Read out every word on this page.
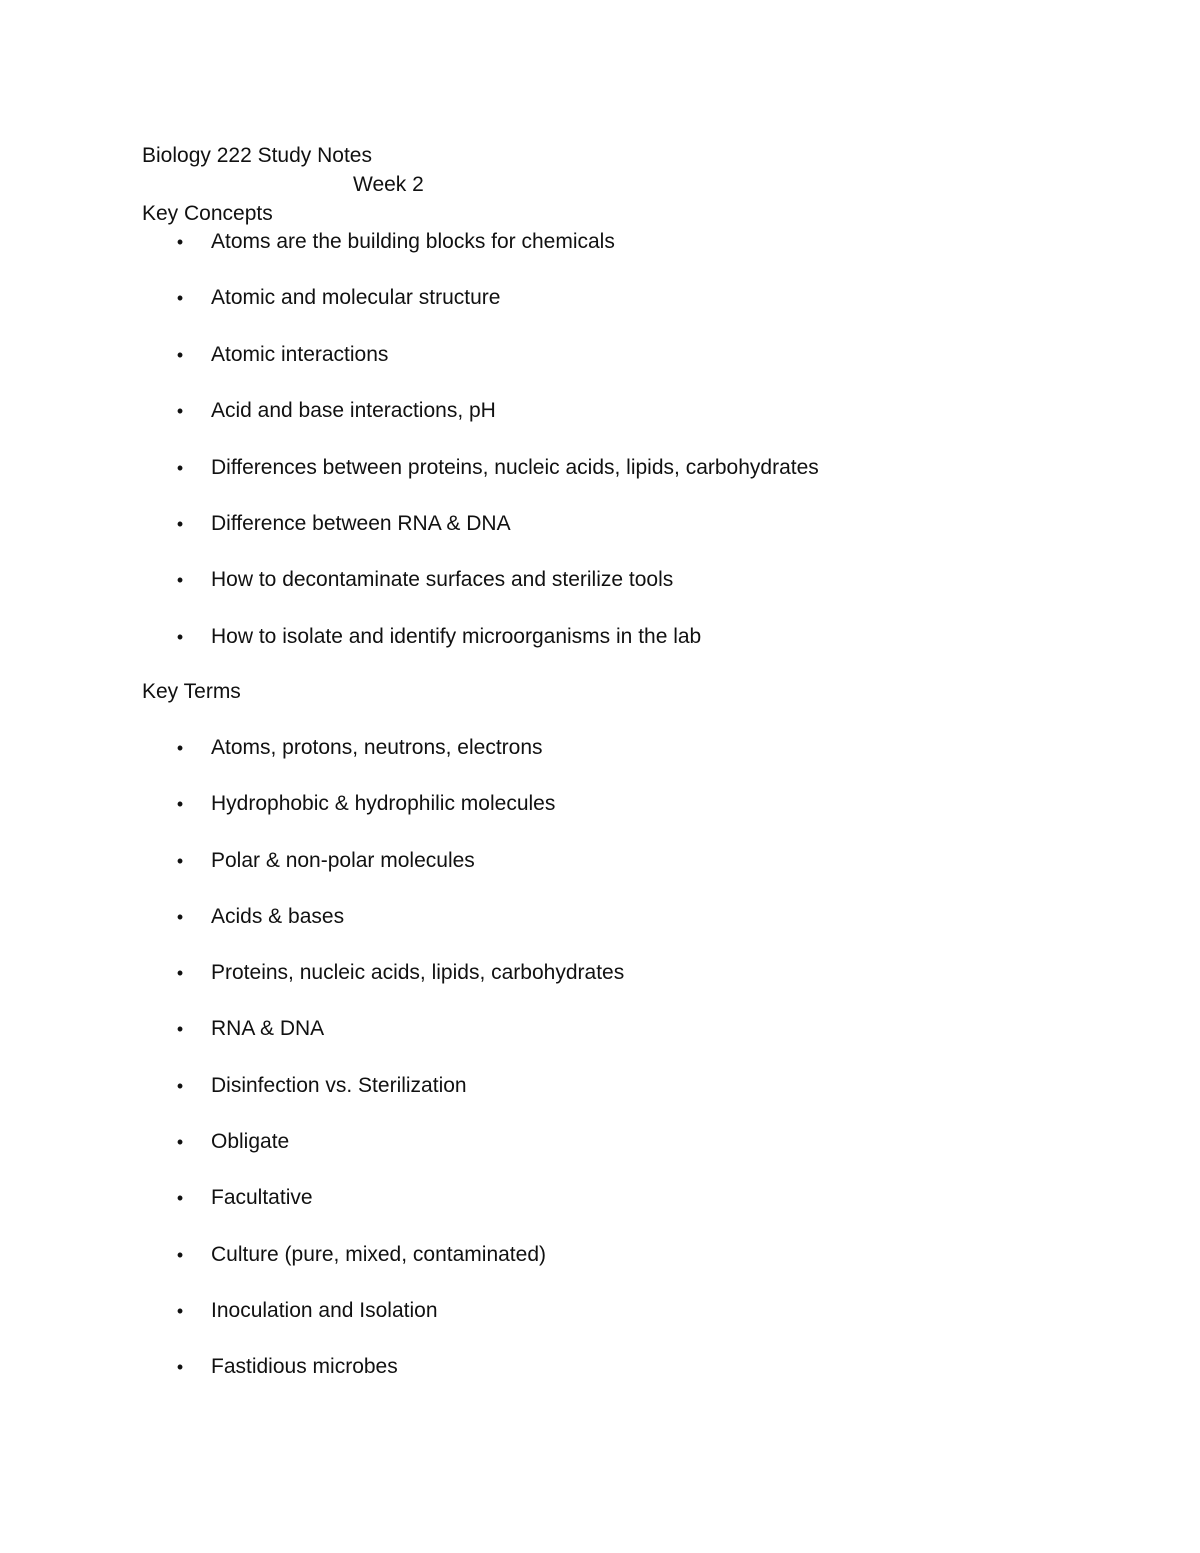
Biology 222 Study Notes
Week 2
Key Concepts
• Atoms are the building blocks for chemicals
• Atomic and molecular structure
• Atomic interactions
• Acid and base interactions, pH
• Differences between proteins, nucleic acids, lipids, carbohydrates
• Difference between RNA & DNA
• How to decontaminate surfaces and sterilize tools
• How to isolate and identify microorganisms in the lab
Key Terms
• Atoms, protons, neutrons, electrons
• Hydrophobic & hydrophilic molecules
• Polar & non-polar molecules
• Acids & bases
• Proteins, nucleic acids, lipids, carbohydrates
• RNA & DNA
• Disinfection vs. Sterilization
• Obligate
• Facultative
• Culture (pure, mixed, contaminated)
• Inoculation and Isolation
• Fastidious microbes
